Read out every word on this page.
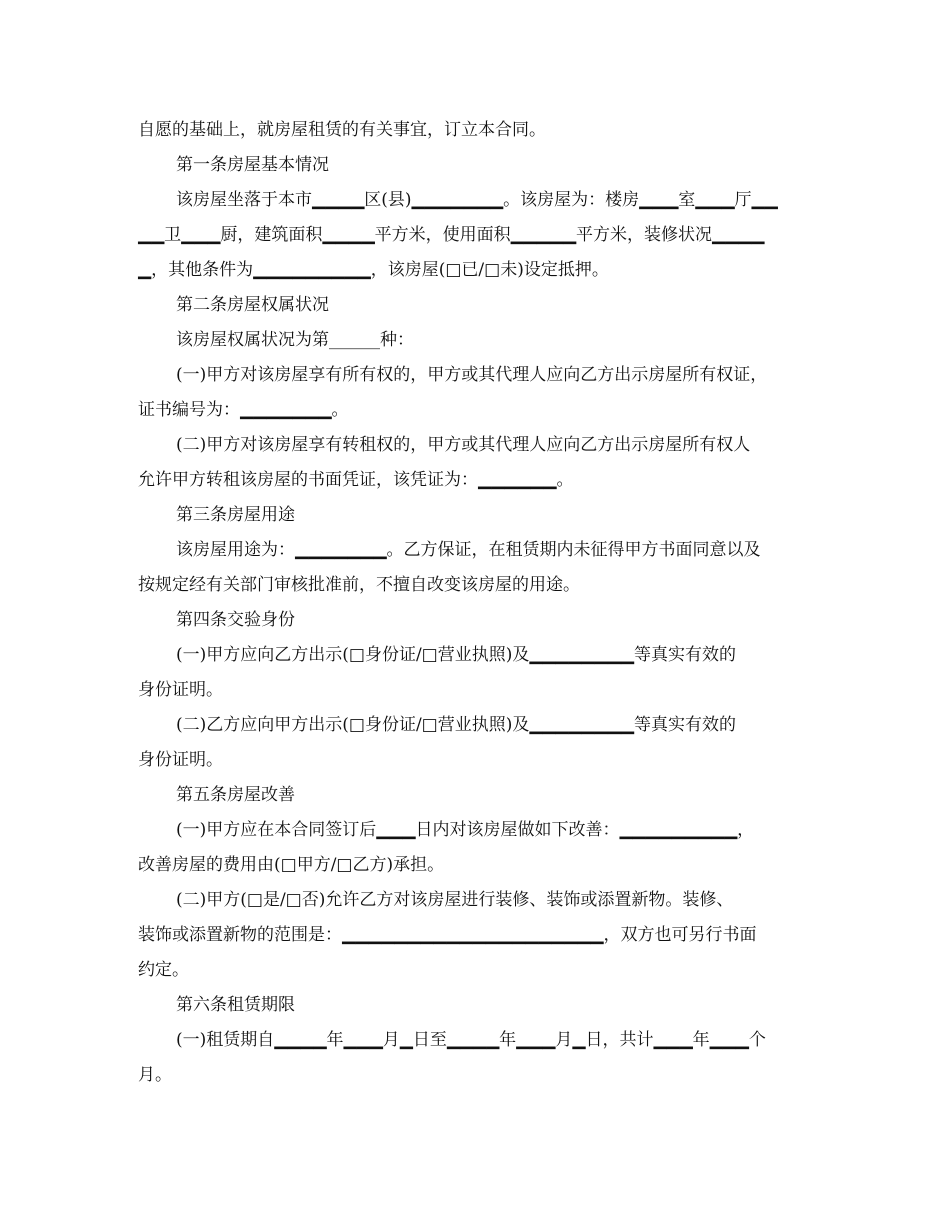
自愿的基础上，就房屋租赁的有关事宜，订立本合同。
第一条房屋基本情况
该房屋坐落于本市▁▁▁▁区(县)▁▁▁▁▁▁▁。该房屋为：楼房▁▁▁室▁▁▁厅▁▁
▁▁卫▁▁▁厨，建筑面积▁▁▁▁平方米，使用面积▁▁▁▁▁平方米，装修状况▁▁▁▁
▁，其他条件为▁▁▁▁▁▁▁▁▁，该房屋(□已/□未)设定抵押。
第二条房屋权属状况
该房屋权属状况为第______种：
(一)甲方对该房屋享有所有权的，甲方或其代理人应向乙方出示房屋所有权证，
证书编号为：▁▁▁▁▁▁▁。
(二)甲方对该房屋享有转租权的，甲方或其代理人应向乙方出示房屋所有权人
允许甲方转租该房屋的书面凭证，该凭证为：▁▁▁▁▁▁。
第三条房屋用途
该房屋用途为：▁▁▁▁▁▁▁。乙方保证，在租赁期内未征得甲方书面同意以及
按规定经有关部门审核批准前，不擅自改变该房屋的用途。
第四条交验身份
(一)甲方应向乙方出示(□身份证/□营业执照)及▁▁▁▁▁▁▁▁等真实有效的
身份证明。
(二)乙方应向甲方出示(□身份证/□营业执照)及▁▁▁▁▁▁▁▁等真实有效的
身份证明。
第五条房屋改善
(一)甲方应在本合同签订后▁▁▁日内对该房屋做如下改善：▁▁▁▁▁▁▁▁▁，
改善房屋的费用由(□甲方/□乙方)承担。
(二)甲方(□是/□否)允许乙方对该房屋进行装修、装饰或添置新物。装修、
装饰或添置新物的范围是：▁▁▁▁▁▁▁▁▁▁▁▁▁▁▁▁▁▁▁▁，双方也可另行书面
约定。
第六条租赁期限
(一)租赁期自▁▁▁▁年▁▁▁月▁日至▁▁▁▁年▁▁▁月▁日，共计▁▁▁年▁▁▁个
月。
